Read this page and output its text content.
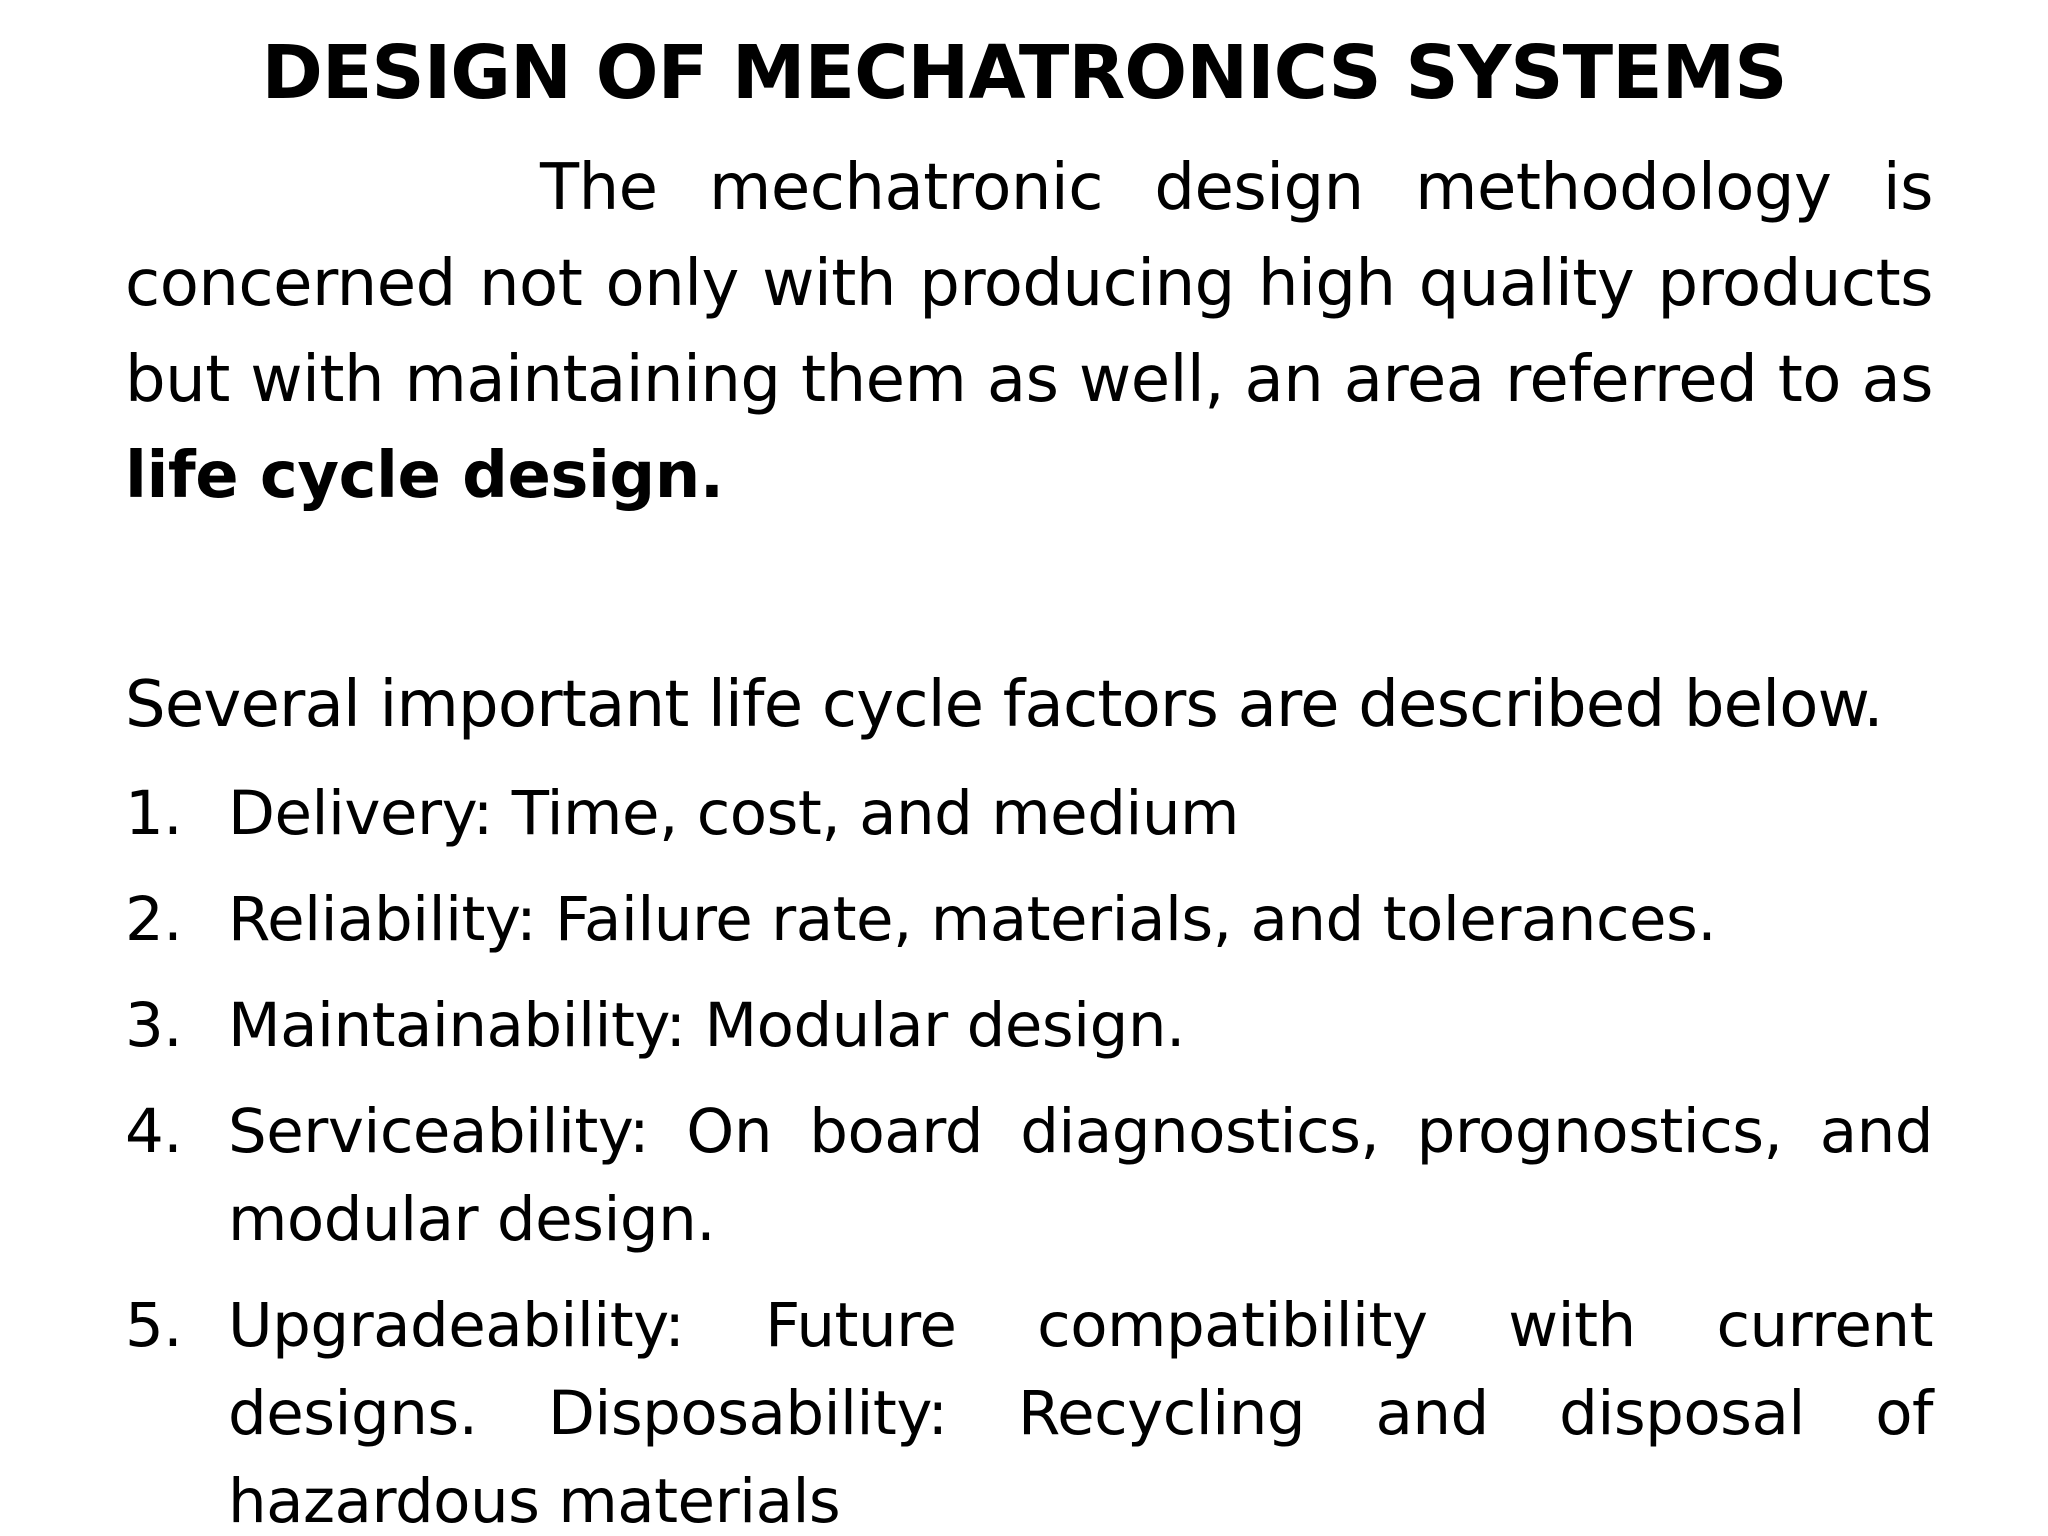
DESIGN OF MECHATRONICS SYSTEMS

The mechatronic design methodology is concerned not only with producing high quality products but with maintaining them as well, an area referred to as life cycle design.

Several important life cycle factors are described below.

1. Delivery: Time, cost, and medium
2. Reliability: Failure rate, materials, and tolerances.
3. Maintainability: Modular design.
4. Serviceability: On board diagnostics, prognostics, and modular design.
5. Upgradeability: Future compatibility with current designs. Disposability: Recycling and disposal of hazardous materials
